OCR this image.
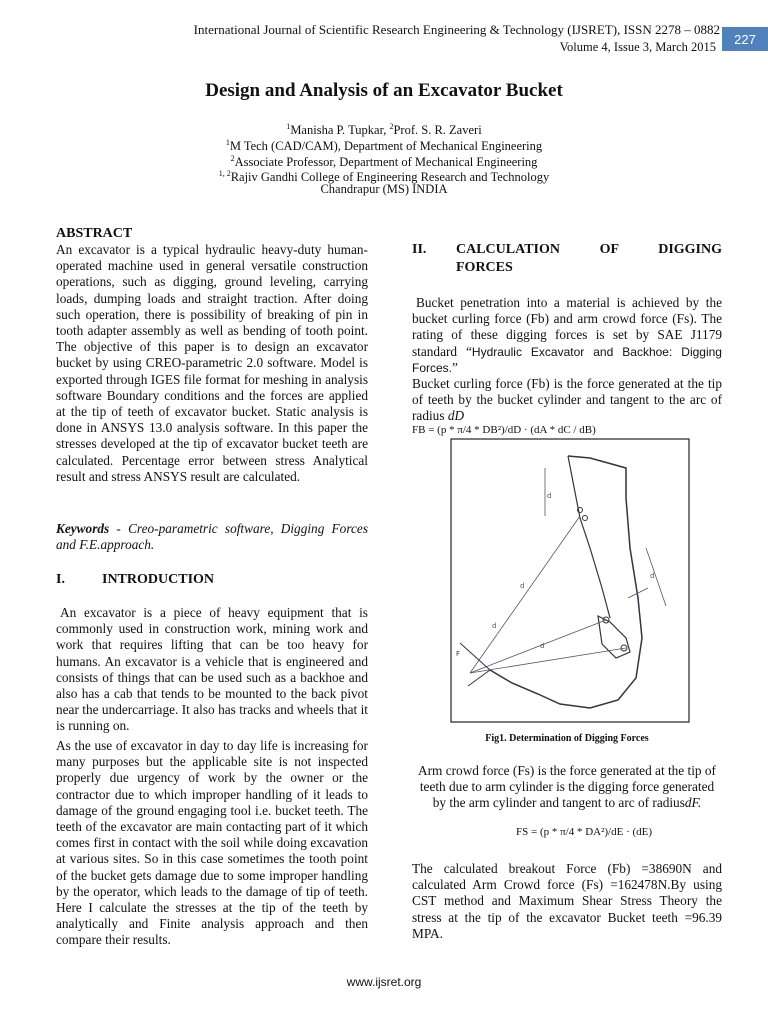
International Journal of Scientific Research Engineering & Technology (IJSRET), ISSN 2278 – 0882
Volume 4, Issue 3, March 2015
227
Design and Analysis of an Excavator Bucket
$^1$Manisha P. Tupkar, $^2$Prof. S. R. Zaveri
$^1$M Tech (CAD/CAM), Department of Mechanical Engineering
$^2$Associate Professor, Department of Mechanical Engineering
$^{1, 2}$Rajiv Gandhi College of Engineering Research and Technology
Chandrapur (MS) INDIA
ABSTRACT
An excavator is a typical hydraulic heavy-duty human-operated machine used in general versatile construction operations, such as digging, ground leveling, carrying loads, dumping loads and straight traction. After doing such operation, there is possibility of breaking of pin in tooth adapter assembly as well as bending of tooth point. The objective of this paper is to design an excavator bucket by using CREO-parametric 2.0 software. Model is exported through IGES file format for meshing in analysis software Boundary conditions and the forces are applied at the tip of teeth of excavator bucket. Static analysis is done in ANSYS 13.0 analysis software. In this paper the stresses developed at the tip of excavator bucket teeth are calculated. Percentage error between stress Analytical result and stress ANSYS result are calculated.
Keywords - Creo-parametric software, Digging Forces and F.E.approach.
I.	INTRODUCTION
An excavator is a piece of heavy equipment that is commonly used in construction work, mining work and work that requires lifting that can be too heavy for humans. An excavator is a vehicle that is engineered and consists of things that can be used such as a backhoe and also has a cab that tends to be mounted to the back pivot near the undercarriage. It also has tracks and wheels that it is running on.
As the use of excavator in day to day life is increasing for many purposes but the applicable site is not inspected properly due urgency of work by the owner or the contractor due to which improper handling of it leads to damage of the ground engaging tool i.e. bucket teeth. The teeth of the excavator are main contacting part of it which comes first in contact with the soil while doing excavation at various sites. So in this case sometimes the tooth point of the bucket gets damage due to some improper handling by the operator, which leads to the damage of tip of teeth. Here I calculate the stresses at the tip of the teeth by analytically and Finite analysis approach and then compare their results.
II.	CALCULATION OF DIGGING
FORCES
Bucket penetration into a material is achieved by the bucket curling force (Fb) and arm crowd force (Fs). The rating of these digging forces is set by SAE J1179 standard “Hydraulic Excavator and Backhoe: Digging Forces.”
Bucket curling force (Fb) is the force generated at the tip of teeth by the bucket cylinder and tangent to the arc of radius dD
FB = (p * π/4 * DB²)/dD · (dA * dC / dB)
d
d
d
d
d
F
Fig1. Determination of Digging Forces
Arm crowd force (Fs) is the force generated at the tip of teeth due to arm cylinder is the digging force generated by the arm cylinder and tangent to arc of radiusdF.
FS = (p * π/4 * DA²)/dE · (dE)
The calculated breakout Force (Fb) =38690N and calculated Arm Crowd force (Fs) =162478N.By using CST method and Maximum Shear Stress Theory the stress at the tip of the excavator Bucket teeth =96.39 MPA.
www.ijsret.org
